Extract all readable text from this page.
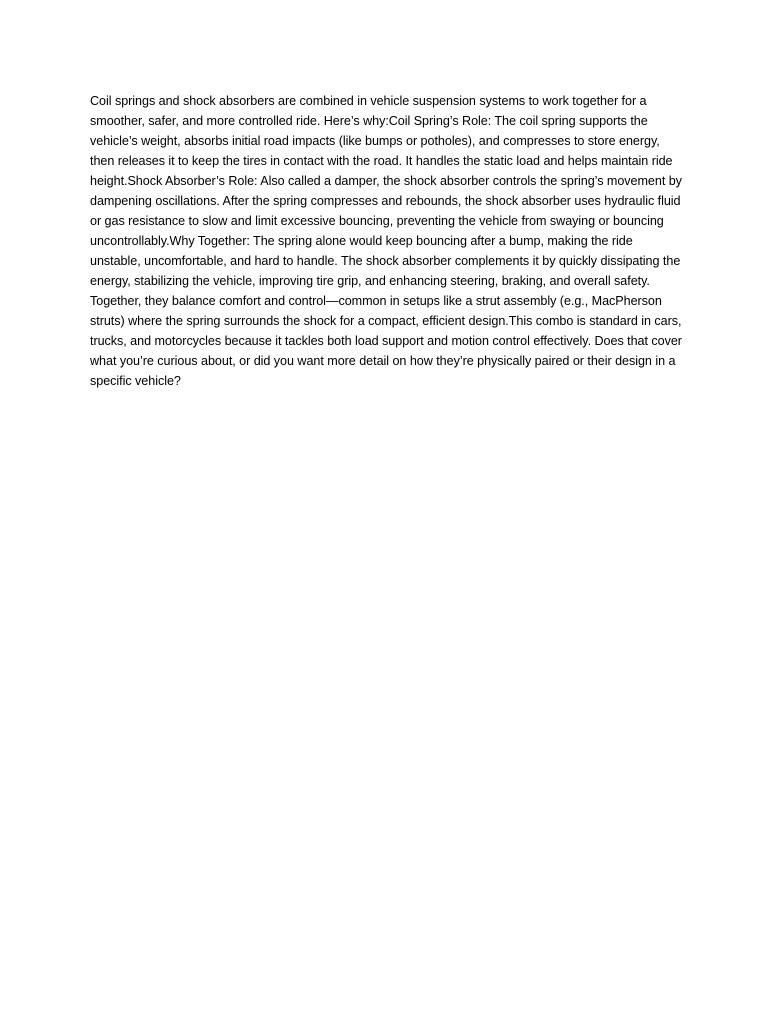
Coil springs and shock absorbers are combined in vehicle suspension systems to work together for a smoother, safer, and more controlled ride. Here’s why:Coil Spring’s Role: The coil spring supports the vehicle’s weight, absorbs initial road impacts (like bumps or potholes), and compresses to store energy, then releases it to keep the tires in contact with the road. It handles the static load and helps maintain ride height.Shock Absorber’s Role: Also called a damper, the shock absorber controls the spring’s movement by dampening oscillations. After the spring compresses and rebounds, the shock absorber uses hydraulic fluid or gas resistance to slow and limit excessive bouncing, preventing the vehicle from swaying or bouncing uncontrollably.Why Together: The spring alone would keep bouncing after a bump, making the ride unstable, uncomfortable, and hard to handle. The shock absorber complements it by quickly dissipating the energy, stabilizing the vehicle, improving tire grip, and enhancing steering, braking, and overall safety. Together, they balance comfort and control—common in setups like a strut assembly (e.g., MacPherson struts) where the spring surrounds the shock for a compact, efficient design.This combo is standard in cars, trucks, and motorcycles because it tackles both load support and motion control effectively. Does that cover what you’re curious about, or did you want more detail on how they’re physically paired or their design in a specific vehicle?
